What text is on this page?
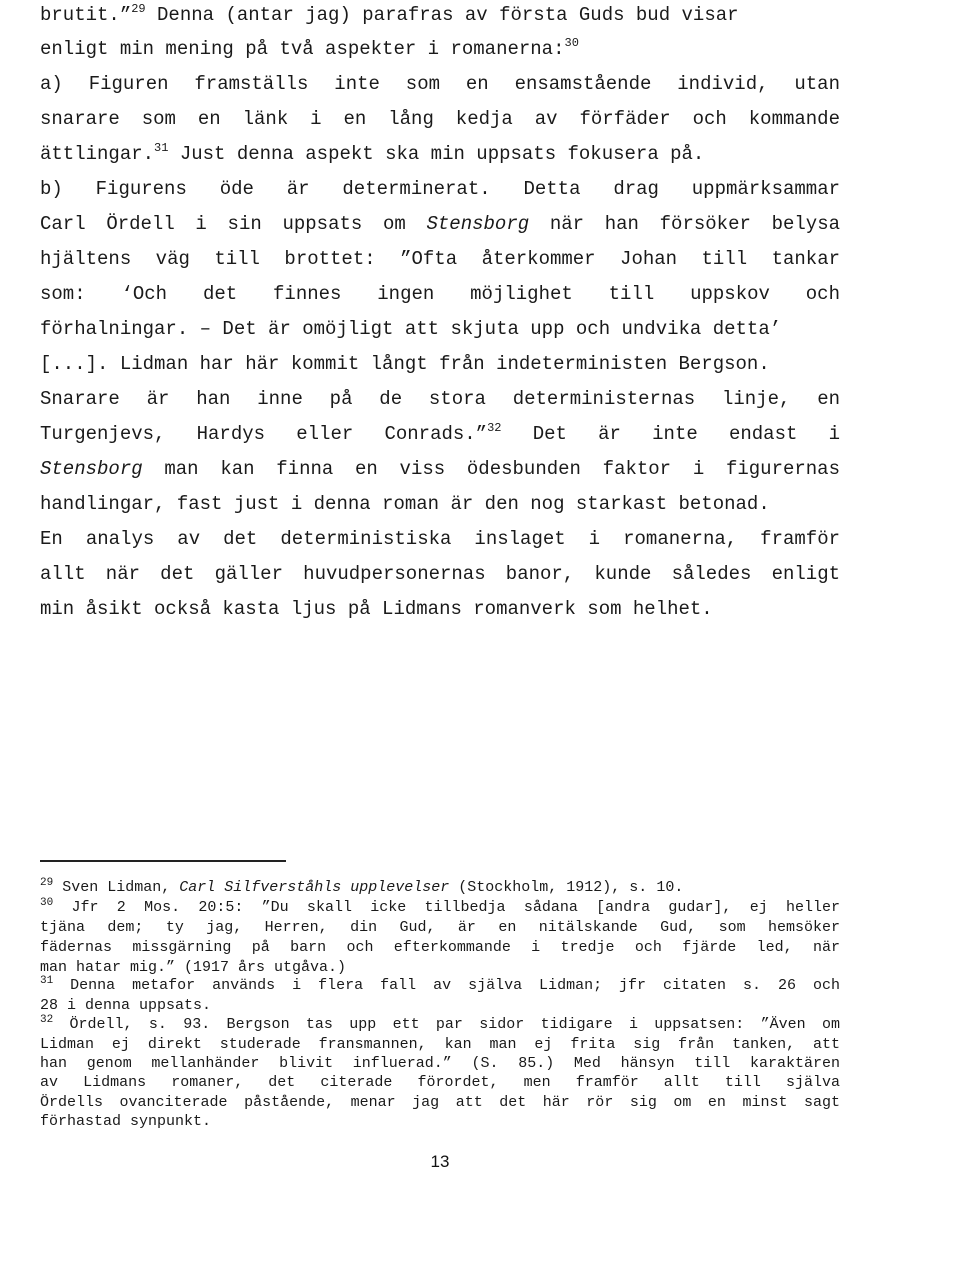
brutit.”$^{29}$ Denna (antar jag) parafras av första Guds bud visar
enligt min mening på två aspekter i romanerna:$^{30}$
a) Figuren framställs inte som en ensamstående individ, utan
snarare som en länk i en lång kedja av förfäder och kommande
ättlingar.$^{31}$ Just denna aspekt ska min uppsats fokusera på.
b) Figurens öde är determinerat. Detta drag uppmärksammar
Carl Ördell i sin uppsats om Stensborg när han försöker belysa
hjältens väg till brottet: ”Ofta återkommer Johan till tankar
som: ‘Och det finnes ingen möjlighet till uppskov och
förhalningar. – Det är omöjligt att skjuta upp och undvika detta’
[...]. Lidman har här kommit långt från indeterministen Bergson.
Snarare är han inne på de stora deterministernas linje, en
Turgenjevs, Hardys eller Conrads.”$^{32}$ Det är inte endast i
Stensborg man kan finna en viss ödesbunden faktor i figurernas
handlingar, fast just i denna roman är den nog starkast betonad.
En analys av det deterministiska inslaget i romanerna, framför
allt när det gäller huvudpersonernas banor, kunde således enligt
min åsikt också kasta ljus på Lidmans romanverk som helhet.
$^{29}$ Sven Lidman, Carl Silfverståhls upplevelser (Stockholm, 1912), s. 10.
$^{30}$ Jfr 2 Mos. 20:5: ”Du skall icke tillbedja sådana [andra gudar], ej heller
tjäna dem; ty jag, Herren, din Gud, är en nitälskande Gud, som hemsöker
fädernas missgärning på barn och efterkommande i tredje och fjärde led, när
man hatar mig.” (1917 års utgåva.)
$^{31}$ Denna metafor används i flera fall av själva Lidman; jfr citaten s. 26 och
28 i denna uppsats.
$^{32}$ Ördell, s. 93. Bergson tas upp ett par sidor tidigare i uppsatsen: ”Även om
Lidman ej direkt studerade fransmannen, kan man ej frita sig från tanken, att
han genom mellanhänder blivit influerad.” (S. 85.) Med hänsyn till karaktären
av Lidmans romaner, det citerade förordet, men framför allt till själva
Ördells ovanciterade påstående, menar jag att det här rör sig om en minst sagt
förhastad synpunkt.
13
